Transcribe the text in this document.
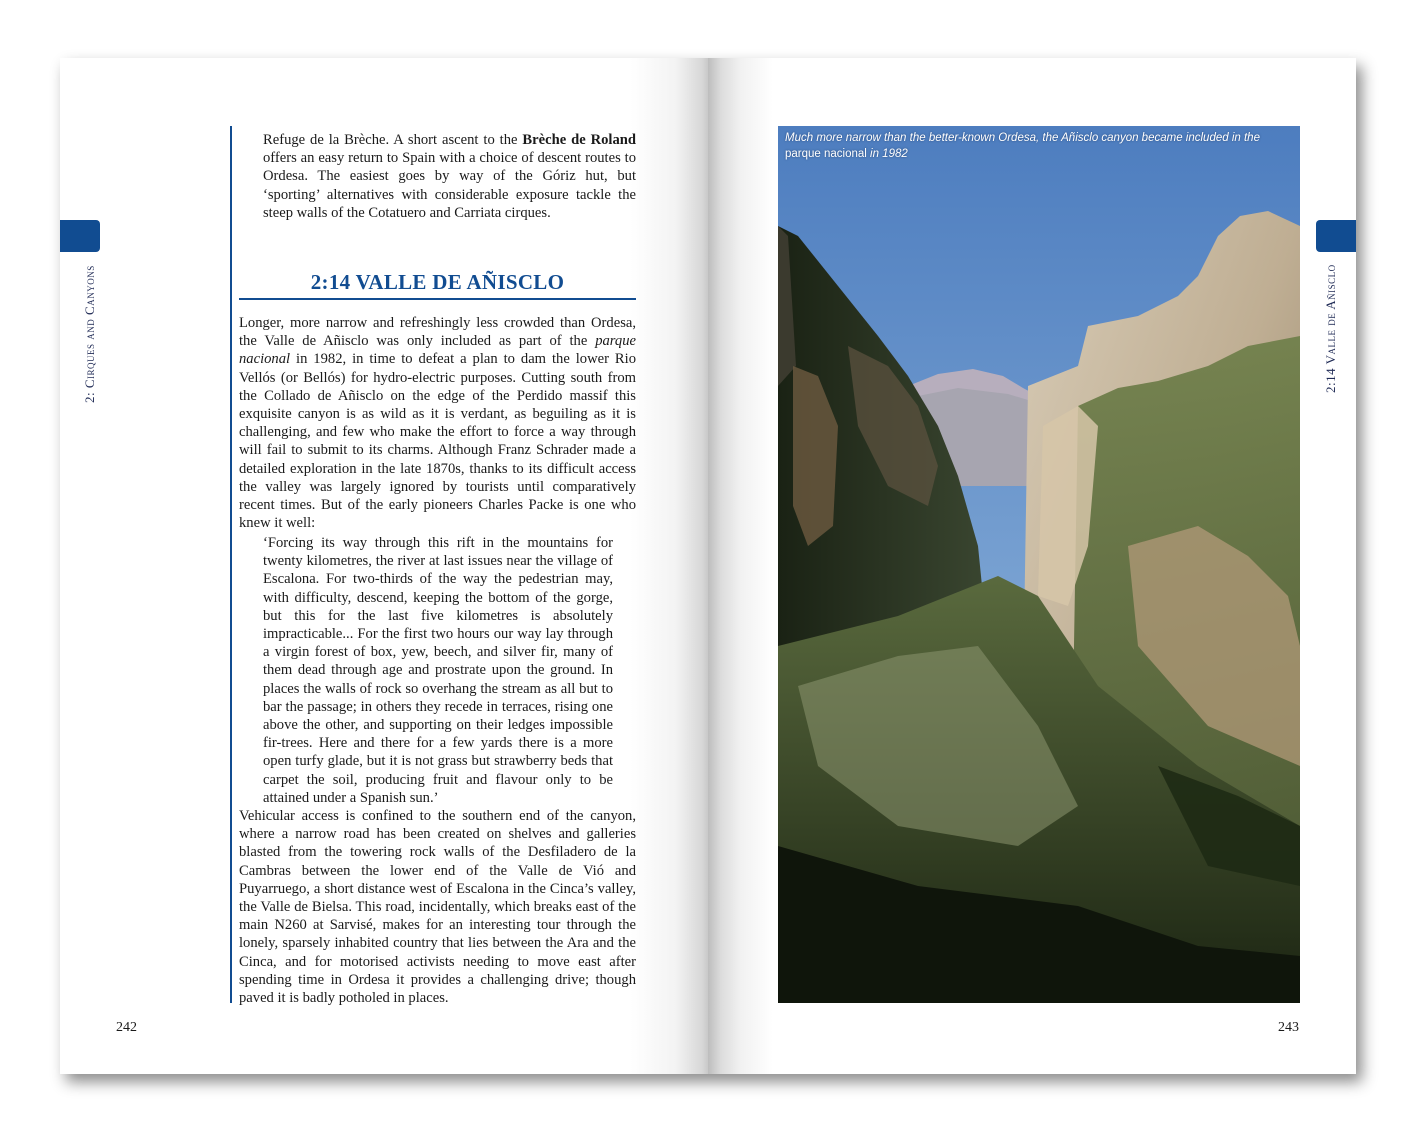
2: Cirques and Canyons

Refuge de la Brèche. A short ascent to the Brèche de Roland offers an easy return to Spain with a choice of descent routes to Ordesa. The easiest goes by way of the Góriz hut, but ‘sporting’ alternatives with considerable exposure tackle the steep walls of the Cotatuero and Carriata cirques.

2:14 VALLE DE AÑISCLO

Longer, more narrow and refreshingly less crowded than Ordesa, the Valle de Añisclo was only included as part of the parque nacional in 1982, in time to defeat a plan to dam the lower Rio Vellós (or Bellós) for hydro-electric purposes. Cutting south from the Collado de Añisclo on the edge of the Perdido massif this exquisite canyon is as wild as it is verdant, as beguiling as it is challenging, and few who make the effort to force a way through will fail to submit to its charms. Although Franz Schrader made a detailed exploration in the late 1870s, thanks to its difficult access the valley was largely ignored by tourists until comparatively recent times. But of the early pioneers Charles Packe is one who knew it well:

‘Forcing its way through this rift in the mountains for twenty kilometres, the river at last issues near the village of Escalona. For two-thirds of the way the pedestrian may, with difficulty, descend, keeping the bottom of the gorge, but this for the last five kilometres is absolutely impracticable... For the first two hours our way lay through a virgin forest of box, yew, beech, and silver fir, many of them dead through age and prostrate upon the ground. In places the walls of rock so overhang the stream as all but to bar the passage; in others they recede in terraces, rising one above the other, and supporting on their ledges impossible fir-trees. Here and there for a few yards there is a more open turfy glade, but it is not grass but strawberry beds that carpet the soil, producing fruit and flavour only to be attained under a Spanish sun.’

Vehicular access is confined to the southern end of the canyon, where a narrow road has been created on shelves and galleries blasted from the towering rock walls of the Desfiladero de la Cambras between the lower end of the Valle de Vió and Puyarruego, a short distance west of Escalona in the Cinca’s valley, the Valle de Bielsa. This road, incidentally, which breaks east of the main N260 at Sarvisé, makes for an interesting tour through the lonely, sparsely inhabited country that lies between the Ara and the Cinca, and for motorised activists needing to move east after spending time in Ordesa it provides a challenging drive; though paved it is badly potholed in places.

242
2:14 Valle de Añisclo
Much more narrow than the better-known Ordesa, the Añisclo canyon became included in the parque nacional in 1982
243
